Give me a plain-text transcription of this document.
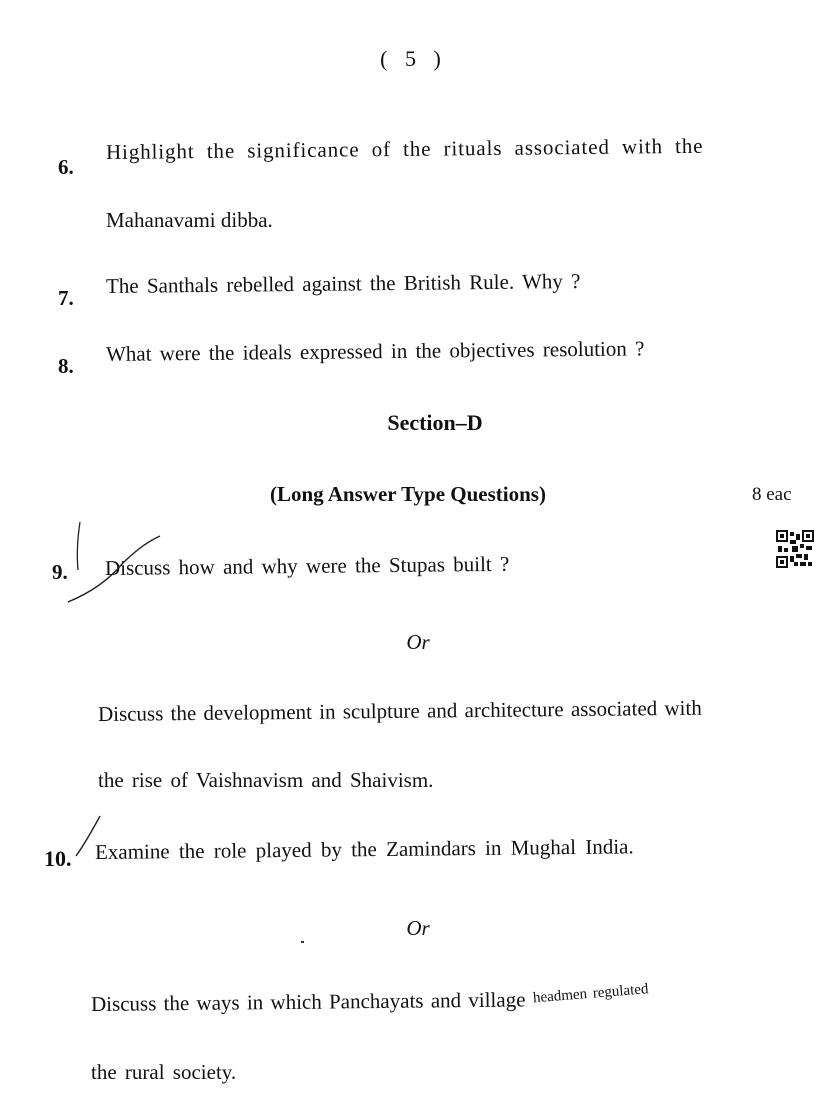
( 5 )
6.
Highlight the significance of the rituals associated with the
Mahanavami dibba.
7.
The Santhals rebelled against the British Rule. Why ?
8.
What were the ideals expressed in the objectives resolution ?
Section–D
(Long Answer Type Questions)	8 eac
9. Discuss how and why were the Stupas built ?
Or
Discuss the development in sculpture and architecture associated with
the rise of Vaishnavism and Shaivism.
10. Examine the role played by the Zamindars in Mughal India.
Or
Discuss the ways in which Panchayats and village headmen regulated
the rural society.
